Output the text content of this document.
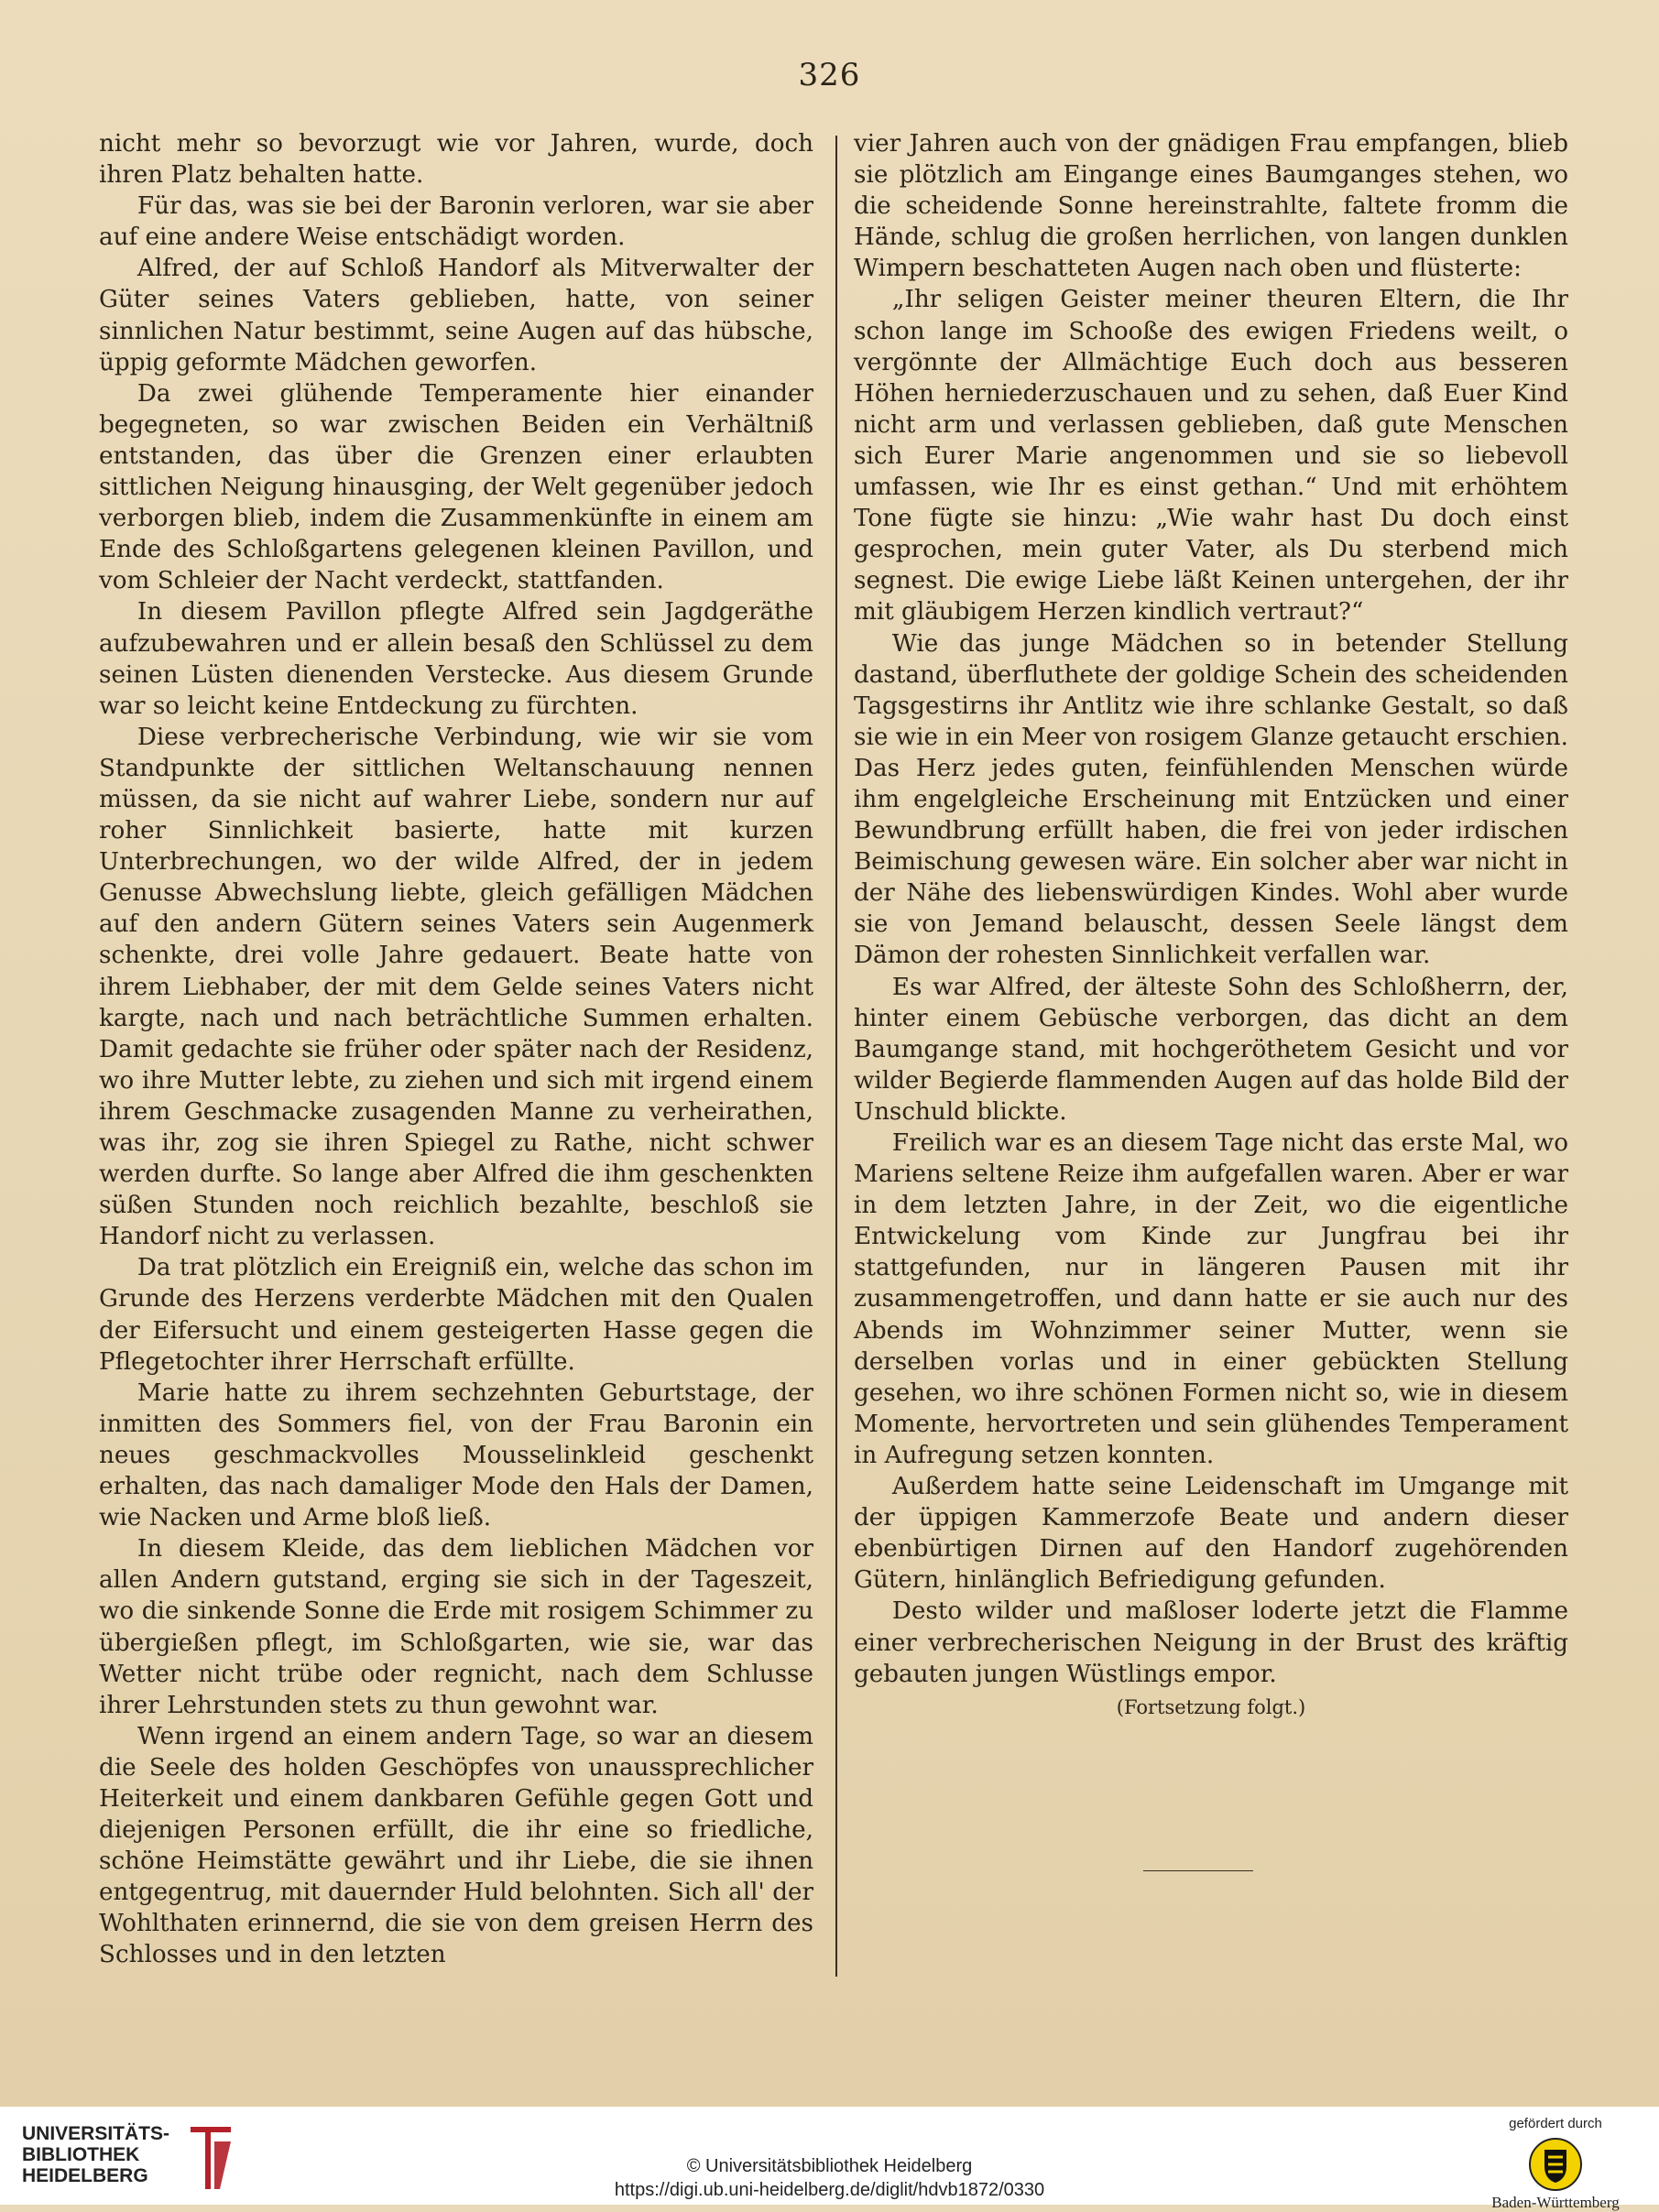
326

nicht mehr so bevorzugt wie vor Jahren, wurde, doch ihren Platz behalten hatte.

Für das, was sie bei der Baronin verloren, war sie aber auf eine andere Weise entschädigt worden.

Alfred, der auf Schloß Handorf als Mitverwalter der Güter seines Vaters geblieben, hatte, von seiner sinnlichen Natur bestimmt, seine Augen auf das hübsche, üppig geformte Mädchen geworfen.

Da zwei glühende Temperamente hier einander begegneten, so war zwischen Beiden ein Verhältniß entstanden, das über die Grenzen einer erlaubten sittlichen Neigung hinausging, der Welt gegenüber jedoch verborgen blieb, indem die Zusammenkünfte in einem am Ende des Schloßgartens gelegenen kleinen Pavillon, und vom Schleier der Nacht verdeckt, stattfanden.

In diesem Pavillon pflegte Alfred sein Jagdgeräthe aufzubewahren und er allein besaß den Schlüssel zu dem seinen Lüsten dienenden Verstecke. Aus diesem Grunde war so leicht keine Entdeckung zu fürchten.

Diese verbrecherische Verbindung, wie wir sie vom Standpunkte der sittlichen Weltanschauung nennen müssen, da sie nicht auf wahrer Liebe, sondern nur auf roher Sinnlichkeit basierte, hatte mit kurzen Unterbrechungen, wo der wilde Alfred, der in jedem Genusse Abwechslung liebte, gleich gefälligen Mädchen auf den andern Gütern seines Vaters sein Augenmerk schenkte, drei volle Jahre gedauert. Beate hatte von ihrem Liebhaber, der mit dem Gelde seines Vaters nicht kargte, nach und nach beträchtliche Summen erhalten. Damit gedachte sie früher oder später nach der Residenz, wo ihre Mutter lebte, zu ziehen und sich mit irgend einem ihrem Geschmacke zusagenden Manne zu verheirathen, was ihr, zog sie ihren Spiegel zu Rathe, nicht schwer werden durfte. So lange aber Alfred die ihm geschenkten süßen Stunden noch reichlich bezahlte, beschloß sie Handorf nicht zu verlassen.

Da trat plötzlich ein Ereigniß ein, welche das schon im Grunde des Herzens verderbte Mädchen mit den Qualen der Eifersucht und einem gesteigerten Hasse gegen die Pflegetochter ihrer Herrschaft erfüllte.

Marie hatte zu ihrem sechzehnten Geburtstage, der inmitten des Sommers fiel, von der Frau Baronin ein neues geschmackvolles Mousselinkleid geschenkt erhalten, das nach damaliger Mode den Hals der Damen, wie Nacken und Arme bloß ließ.

In diesem Kleide, das dem lieblichen Mädchen vor allen Andern gutstand, erging sie sich in der Tageszeit, wo die sinkende Sonne die Erde mit rosigem Schimmer zu übergießen pflegt, im Schloßgarten, wie sie, war das Wetter nicht trübe oder regnicht, nach dem Schlusse ihrer Lehrstunden stets zu thun gewohnt war.

Wenn irgend an einem andern Tage, so war an diesem die Seele des holden Geschöpfes von unaussprechlicher Heiterkeit und einem dankbaren Gefühle gegen Gott und diejenigen Personen erfüllt, die ihr eine so friedliche, schöne Heimstätte gewährt und ihr Liebe, die sie ihnen entgegentrug, mit dauernder Huld belohnten. Sich all' der Wohlthaten erinnernd, die sie von dem greisen Herrn des Schlosses und in den letzten

vier Jahren auch von der gnädigen Frau empfangen, blieb sie plötzlich am Eingange eines Baumganges stehen, wo die scheidende Sonne hereinstrahlte, faltete fromm die Hände, schlug die großen herrlichen, von langen dunklen Wimpern beschatteten Augen nach oben und flüsterte:

„Ihr seligen Geister meiner theuren Eltern, die Ihr schon lange im Schooße des ewigen Friedens weilt, o vergönnte der Allmächtige Euch doch aus besseren Höhen herniederzuschauen und zu sehen, daß Euer Kind nicht arm und verlassen geblieben, daß gute Menschen sich Eurer Marie angenommen und sie so liebevoll umfassen, wie Ihr es einst gethan.“ Und mit erhöhtem Tone fügte sie hinzu: „Wie wahr hast Du doch einst gesprochen, mein guter Vater, als Du sterbend mich segnest. Die ewige Liebe läßt Keinen untergehen, der ihr mit gläubigem Herzen kindlich vertraut?“

Wie das junge Mädchen so in betender Stellung dastand, überfluthete der goldige Schein des scheidenden Tagsgestirns ihr Antlitz wie ihre schlanke Gestalt, so daß sie wie in ein Meer von rosigem Glanze getaucht erschien. Das Herz jedes guten, feinfühlenden Menschen würde ihm engelgleiche Erscheinung mit Entzücken und einer Bewundbrung erfüllt haben, die frei von jeder irdischen Beimischung gewesen wäre. Ein solcher aber war nicht in der Nähe des liebenswürdigen Kindes. Wohl aber wurde sie von Jemand belauscht, dessen Seele längst dem Dämon der rohesten Sinnlichkeit verfallen war.

Es war Alfred, der älteste Sohn des Schloßherrn, der, hinter einem Gebüsche verborgen, das dicht an dem Baumgange stand, mit hochgeröthetem Gesicht und vor wilder Begierde flammenden Augen auf das holde Bild der Unschuld blickte.

Freilich war es an diesem Tage nicht das erste Mal, wo Mariens seltene Reize ihm aufgefallen waren. Aber er war in dem letzten Jahre, in der Zeit, wo die eigentliche Entwickelung vom Kinde zur Jungfrau bei ihr stattgefunden, nur in längeren Pausen mit ihr zusammengetroffen, und dann hatte er sie auch nur des Abends im Wohnzimmer seiner Mutter, wenn sie derselben vorlas und in einer gebückten Stellung gesehen, wo ihre schönen Formen nicht so, wie in diesem Momente, hervortreten und sein glühendes Temperament in Aufregung setzen konnten.

Außerdem hatte seine Leidenschaft im Umgange mit der üppigen Kammerzofe Beate und andern dieser ebenbürtigen Dirnen auf den Handorf zugehörenden Gütern, hinlänglich Befriedigung gefunden.

Desto wilder und maßloser loderte jetzt die Flamme einer verbrecherischen Neigung in der Brust des kräftig gebauten jungen Wüstlings empor.

(Fortsetzung folgt.)

UNIVERSITÄTS-
BIBLIOTHEK
HEIDELBERG	© Universitätsbibliothek Heidelberg
https://digi.ub.uni-heidelberg.de/diglit/hdvb1872/0330
gefördert durch
Baden-Württemberg
